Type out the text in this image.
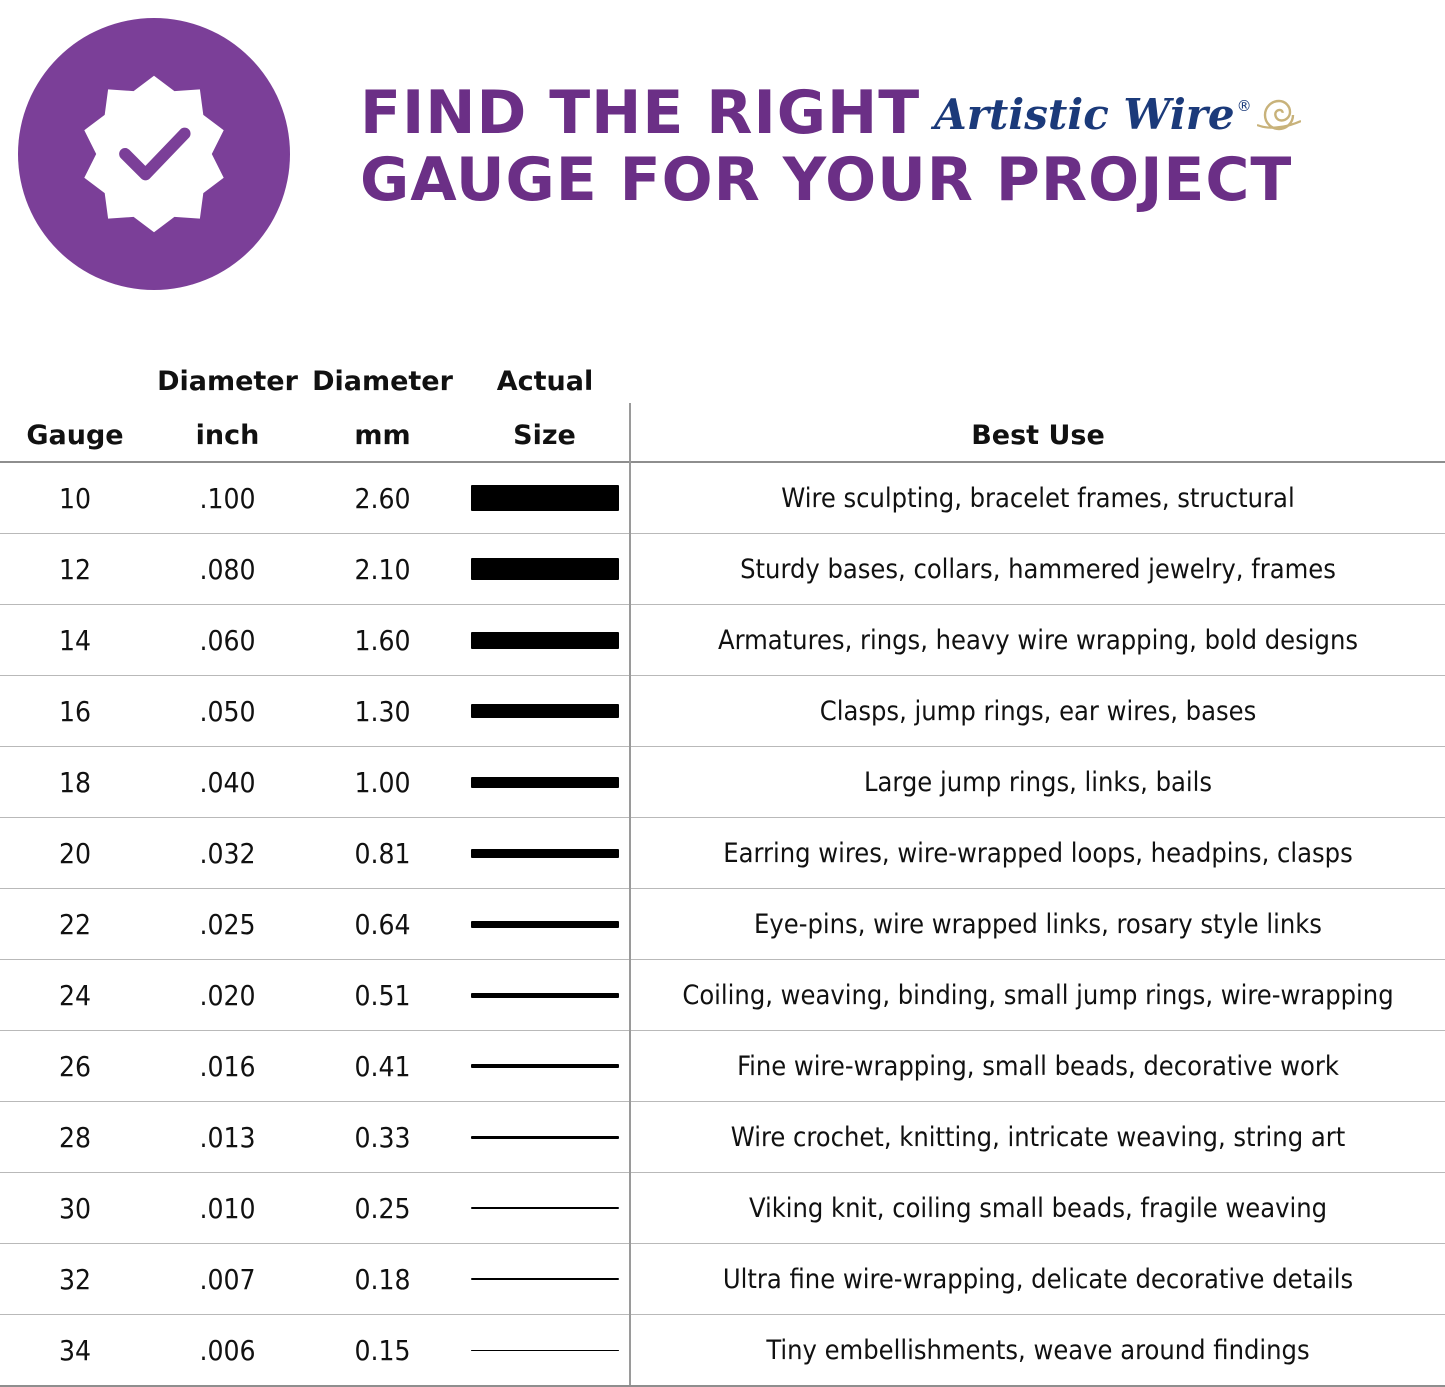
FIND THE RIGHT Artistic Wire ®
GAUGE FOR YOUR PROJECT
	Diameter	Diameter	Actual	
Gauge	inch	mm	Size	Best Use
10	.100	2.60		Wire sculpting, bracelet frames, structural
12	.080	2.10		Sturdy bases, collars, hammered jewelry, frames
14	.060	1.60		Armatures, rings, heavy wire wrapping, bold designs
16	.050	1.30		Clasps, jump rings, ear wires, bases
18	.040	1.00		Large jump rings, links, bails
20	.032	0.81		Earring wires, wire-wrapped loops, headpins, clasps
22	.025	0.64		Eye-pins, wire wrapped links, rosary style links
24	.020	0.51		Coiling, weaving, binding, small jump rings, wire-wrapping
26	.016	0.41		Fine wire-wrapping, small beads, decorative work
28	.013	0.33		Wire crochet, knitting, intricate weaving, string art
30	.010	0.25		Viking knit, coiling small beads, fragile weaving
32	.007	0.18		Ultra fine wire-wrapping, delicate decorative details
34	.006	0.15		Tiny embellishments, weave around findings
